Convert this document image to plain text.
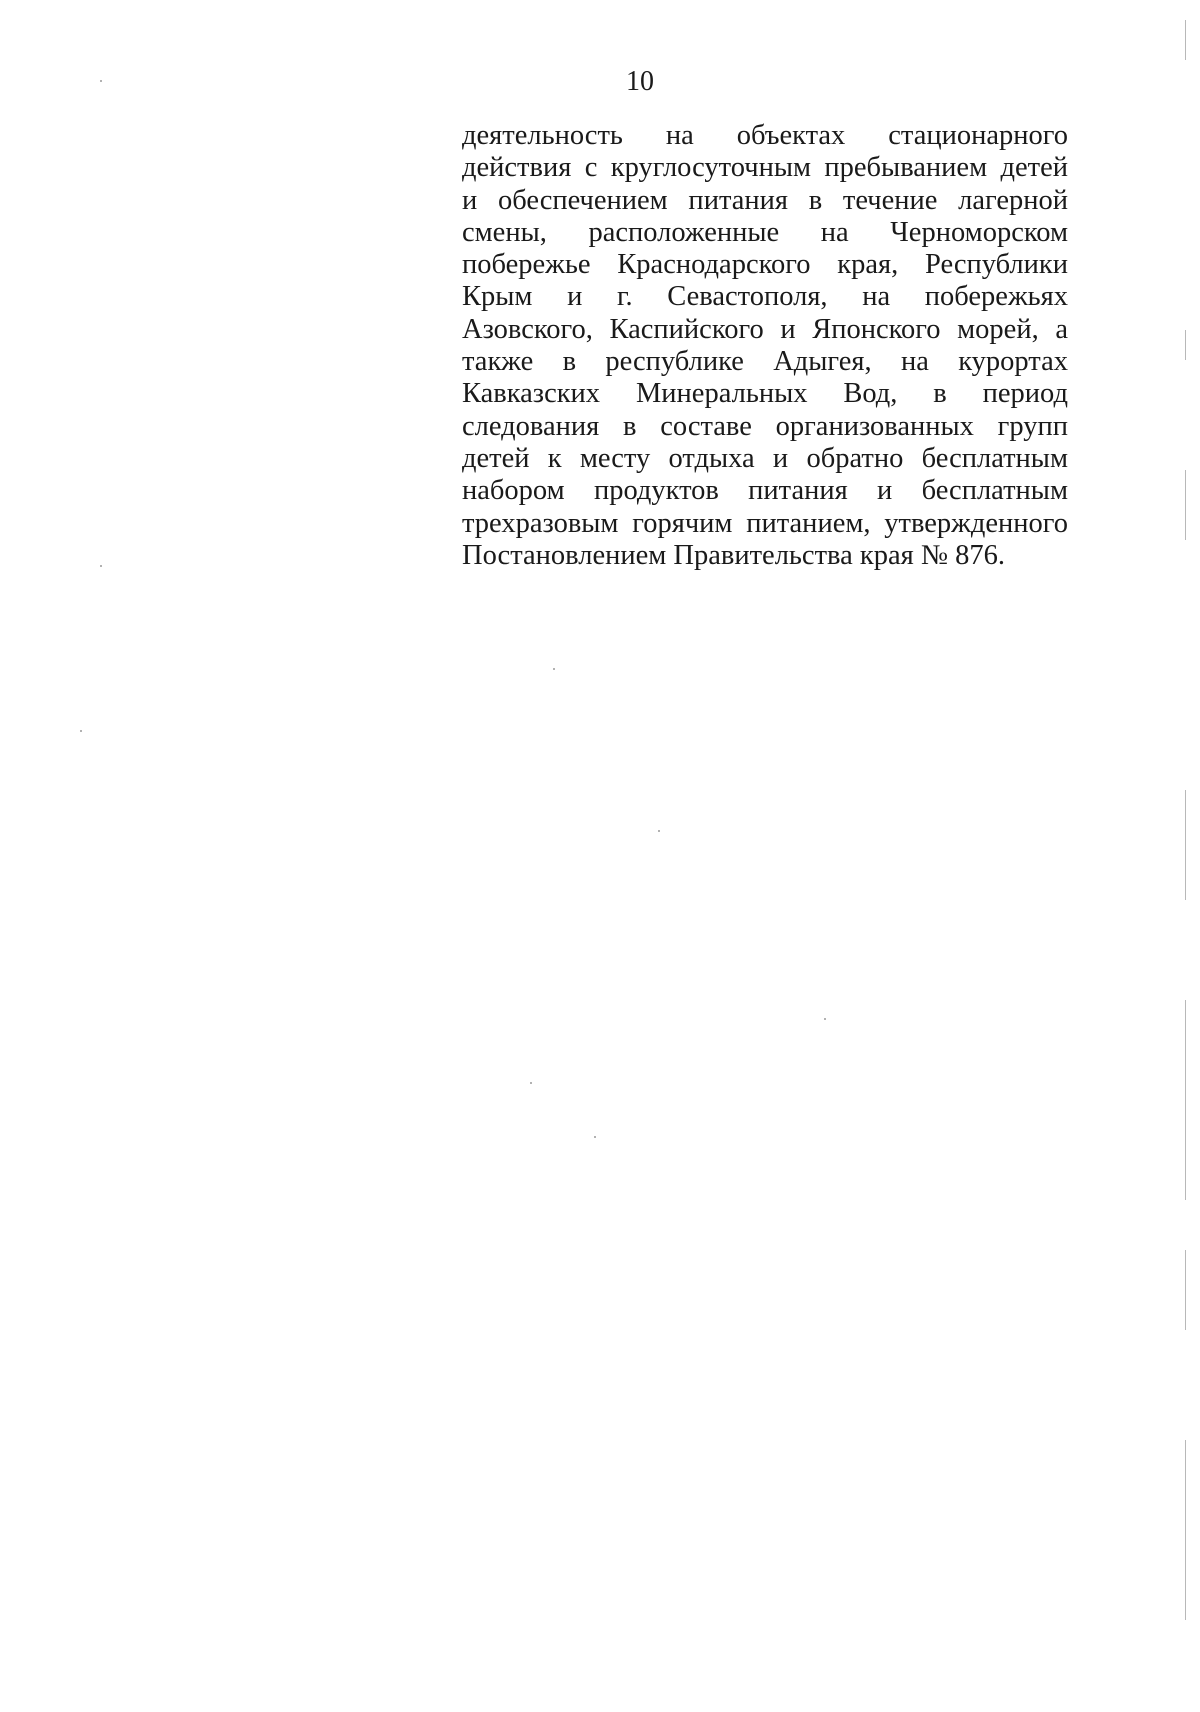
10
деятельность на объектах стационарного
действия с круглосуточным пребыванием детей
и обеспечением питания в течение лагерной
смены, расположенные на Черноморском
побережье Краснодарского края, Республики
Крым и г. Севастополя, на побережьях
Азовского, Каспийского и Японского морей, а
также в республике Адыгея, на курортах
Кавказских Минеральных Вод, в период
следования в составе организованных групп
детей к месту отдыха и обратно бесплатным
набором продуктов питания и бесплатным
трехразовым горячим питанием, утвержденного
Постановлением Правительства края № 876.
